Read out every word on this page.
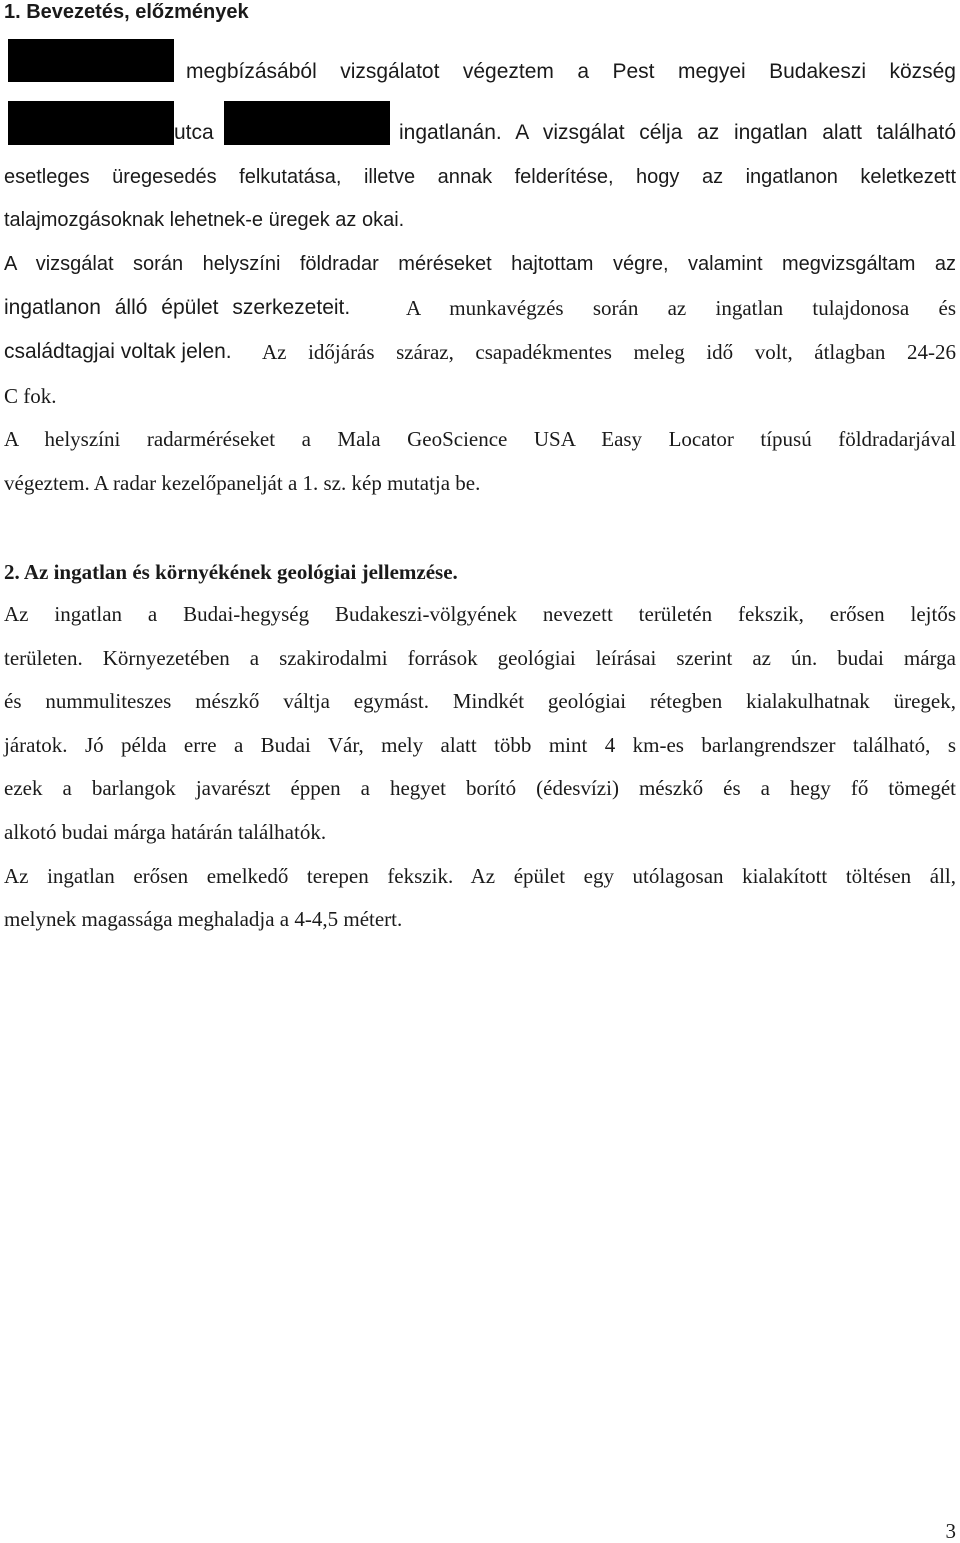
1. Bevezetés, előzmények
megbízásából vizsgálatot végeztem a Pest megyei Budakeszi község
utca	ingatlanán. A vizsgálat célja az ingatlan alatt található
esetleges üregesedés felkutatása, illetve annak felderítése, hogy az ingatlanon keletkezett
talajmozgásoknak lehetnek-e üregek az okai.
A vizsgálat során helyszíni földradar méréseket hajtottam végre, valamint megvizsgáltam az
ingatlanon álló épület szerkezeteit.	A munkavégzés során az ingatlan tulajdonosa és
családtagjai voltak jelen. Az időjárás száraz, csapadékmentes meleg idő volt, átlagban 24-26
C fok.
A helyszíni radarméréseket a Mala GeoScience USA Easy Locator típusú földradarjával
végeztem. A radar kezelőpanelját a 1. sz. kép mutatja be.
2. Az ingatlan és környékének geológiai jellemzése.
Az ingatlan a Budai-hegység Budakeszi-völgyének nevezett területén fekszik, erősen lejtős
területen. Környezetében a szakirodalmi források geológiai leírásai szerint az ún. budai márga
és nummuliteszes mészkő váltja egymást. Mindkét geológiai rétegben kialakulhatnak üregek,
járatok. Jó példa erre a Budai Vár, mely alatt több mint 4 km-es barlangrendszer található, s
ezek a barlangok javarészt éppen a hegyet borító (édesvízi) mészkő és a hegy fő tömegét
alkotó budai márga határán találhatók.
Az ingatlan erősen emelkedő terepen fekszik. Az épület egy utólagosan kialakított töltésen áll,
melynek magassága meghaladja a 4-4,5 métert.
3
